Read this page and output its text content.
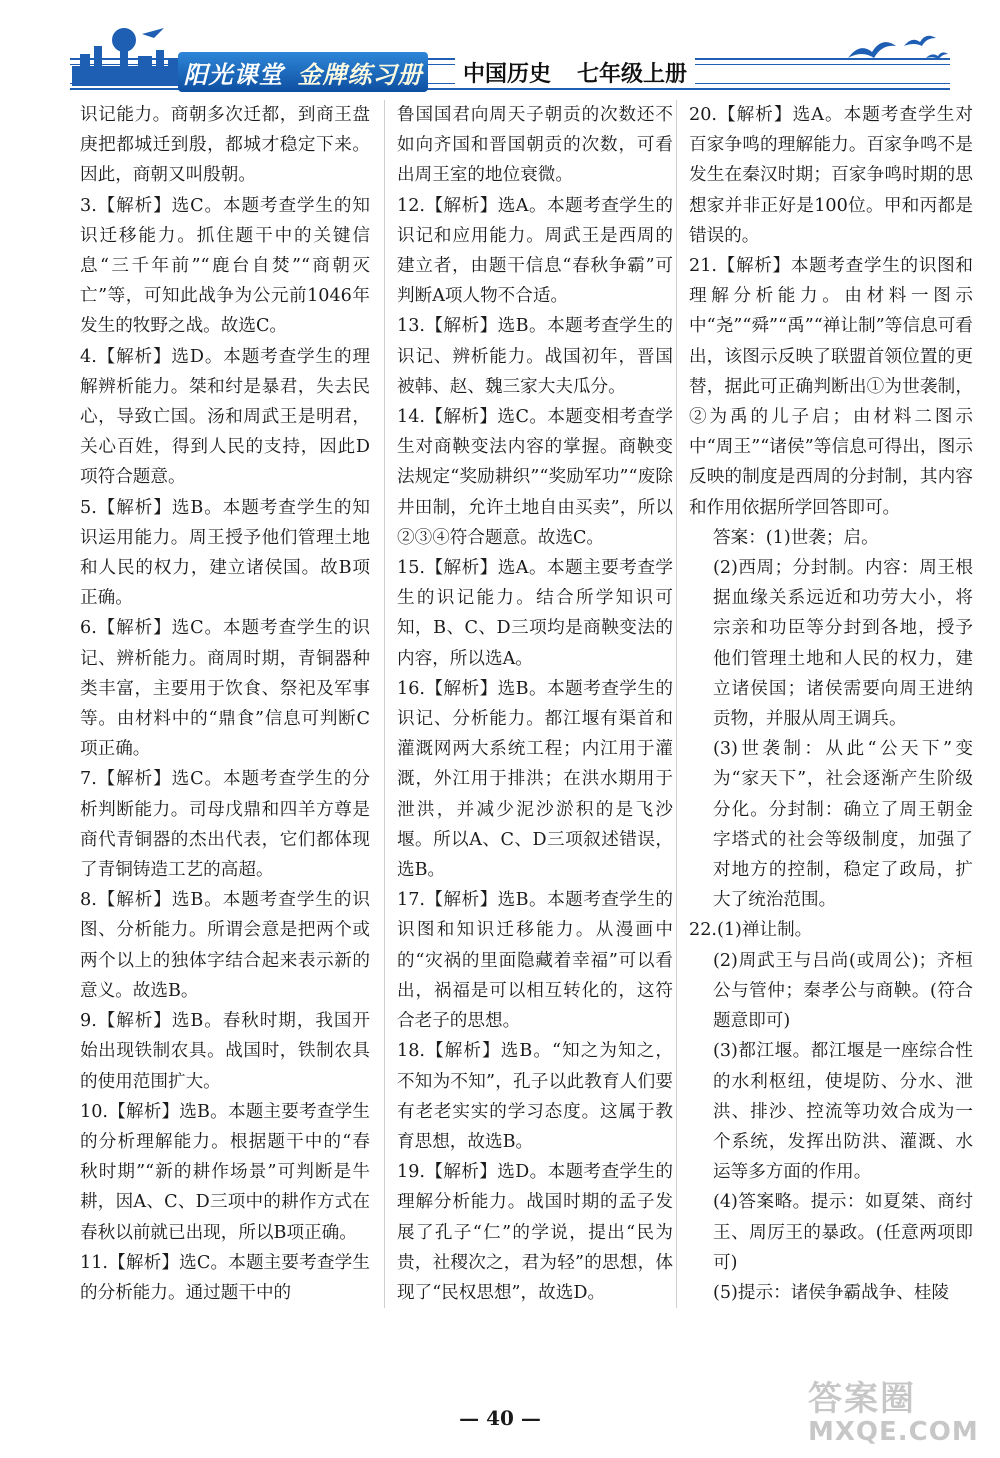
阳光课堂 金牌练习册 中国历史 七年级上册

识记能力。商朝多次迁都，到商王盘庚把都城迁到殷，都城才稳定下来。因此，商朝又叫殷朝。

3.【解析】选C。本题考查学生的知识迁移能力。抓住题干中的关键信息“三千年前”“鹿台自焚”“商朝灭亡”等，可知此战争为公元前1046年发生的牧野之战。故选C。

4.【解析】选D。本题考查学生的理解辨析能力。桀和纣是暴君，失去民心，导致亡国。汤和周武王是明君，关心百姓，得到人民的支持，因此D项符合题意。

5.【解析】选B。本题考查学生的知识运用能力。周王授予他们管理土地和人民的权力，建立诸侯国。故B项正确。

6.【解析】选C。本题考查学生的识记、辨析能力。商周时期，青铜器种类丰富，主要用于饮食、祭祀及军事等。由材料中的“鼎食”信息可判断C项正确。

7.【解析】选C。本题考查学生的分析判断能力。司母戊鼎和四羊方尊是商代青铜器的杰出代表，它们都体现了青铜铸造工艺的高超。

8.【解析】选B。本题考查学生的识图、分析能力。所谓会意是把两个或两个以上的独体字结合起来表示新的意义。故选B。

9.【解析】选B。春秋时期，我国开始出现铁制农具。战国时，铁制农具的使用范围扩大。

10.【解析】选B。本题主要考查学生的分析理解能力。根据题干中的“春秋时期”“新的耕作场景”可判断是牛耕，因A、C、D三项中的耕作方式在春秋以前就已出现，所以B项正确。

11.【解析】选C。本题主要考查学生的分析能力。通过题干中的

鲁国国君向周天子朝贡的次数还不如向齐国和晋国朝贡的次数，可看出周王室的地位衰微。

12.【解析】选A。本题考查学生的识记和应用能力。周武王是西周的建立者，由题干信息“春秋争霸”可判断A项人物不合适。

13.【解析】选B。本题考查学生的识记、辨析能力。战国初年，晋国被韩、赵、魏三家大夫瓜分。

14.【解析】选C。本题变相考查学生对商鞅变法内容的掌握。商鞅变法规定“奖励耕织”“奖励军功”“废除井田制，允许土地自由买卖”，所以②③④符合题意。故选C。

15.【解析】选A。本题主要考查学生的识记能力。结合所学知识可知，B、C、D三项均是商鞅变法的内容，所以选A。

16.【解析】选B。本题考查学生的识记、分析能力。都江堰有渠首和灌溉网两大系统工程；内江用于灌溉，外江用于排洪；在洪水期用于泄洪，并减少泥沙淤积的是飞沙堰。所以A、C、D三项叙述错误，选B。

17.【解析】选B。本题考查学生的识图和知识迁移能力。从漫画中的“灾祸的里面隐藏着幸福”可以看出，祸福是可以相互转化的，这符合老子的思想。

18.【解析】选B。“知之为知之，不知为不知”，孔子以此教育人们要有老老实实的学习态度。这属于教育思想，故选B。

19.【解析】选D。本题考查学生的理解分析能力。战国时期的孟子发展了孔子“仁”的学说，提出“民为贵，社稷次之，君为轻”的思想，体现了“民权思想”，故选D。

20.【解析】选A。本题考查学生对百家争鸣的理解能力。百家争鸣不是发生在秦汉时期；百家争鸣时期的思想家并非正好是100位。甲和丙都是错误的。

21.【解析】本题考查学生的识图和理解分析能力。由材料一图示中“尧”“舜”“禹”“禅让制”等信息可看出，该图示反映了联盟首领位置的更替，据此可正确判断出①为世袭制，②为禹的儿子启；由材料二图示中“周王”“诸侯”等信息可得出，图示反映的制度是西周的分封制，其内容和作用依据所学回答即可。

答案：(1)世袭；启。

(2)西周；分封制。内容：周王根据血缘关系远近和功劳大小，将宗亲和功臣等分封到各地，授予他们管理土地和人民的权力，建立诸侯国；诸侯需要向周王进纳贡物，并服从周王调兵。

(3)世袭制：从此“公天下”变为“家天下”，社会逐渐产生阶级分化。分封制：确立了周王朝金字塔式的社会等级制度，加强了对地方的控制，稳定了政局，扩大了统治范围。

22.(1)禅让制。

(2)周武王与吕尚(或周公)；齐桓公与管仲；秦孝公与商鞅。(符合题意即可)

(3)都江堰。都江堰是一座综合性的水利枢纽，使堤防、分水、泄洪、排沙、控流等功效合成为一个系统，发挥出防洪、灌溉、水运等多方面的作用。

(4)答案略。提示：如夏桀、商纣王、周厉王的暴政。(任意两项即可)

(5)提示：诸侯争霸战争、桂陵

— 40 —	答案圈
MXQE.COM
